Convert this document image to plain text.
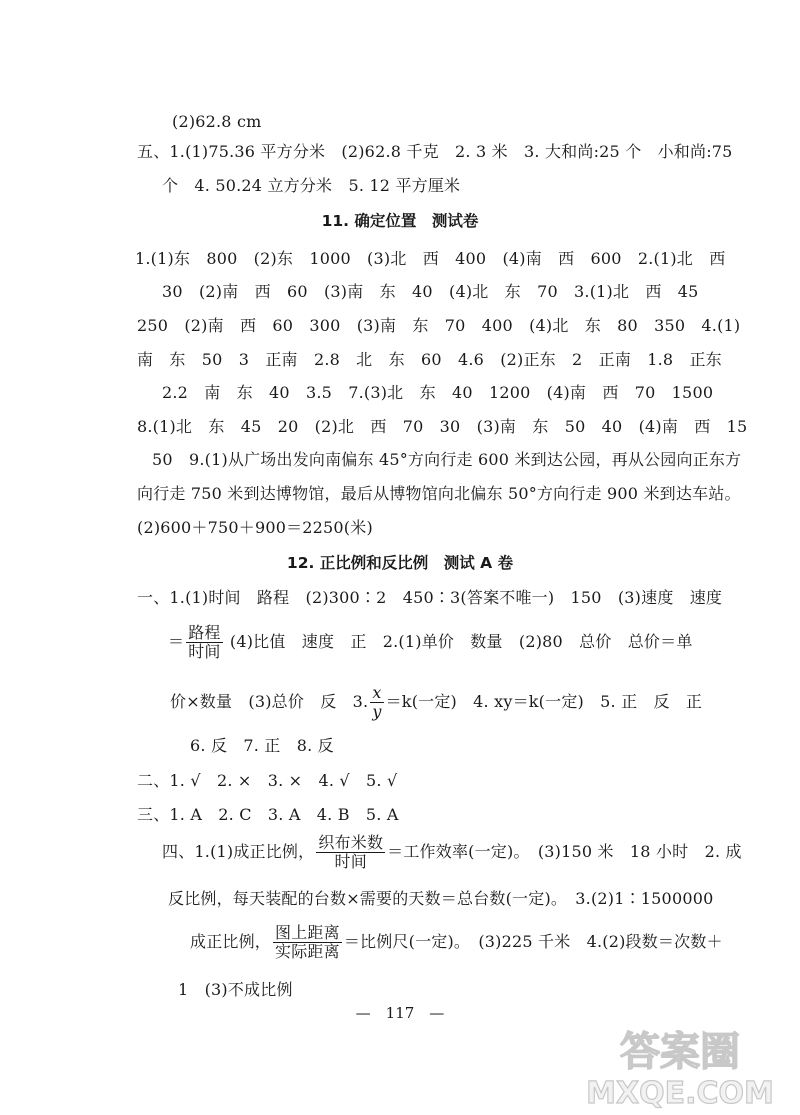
(2)62.8 cm
五、1.(1)75.36 平方分米　(2)62.8 千克　2. 3 米　3. 大和尚:25 个　小和尚:75
个　4. 50.24 立方分米　5. 12 平方厘米
11. 确定位置　测试卷
1.(1)东　800　(2)东　1000　(3)北　西　400　(4)南　西　600　2.(1)北　西
30　(2)南　西　60　(3)南　东　40　(4)北　东　70　3.(1)北　西　45
250　(2)南　西　60　300　(3)南　东　70　400　(4)北　东　80　350　4.(1)
南　东　50　3　正南　2.8　北　东　60　4.6　(2)正东　2　正南　1.8　正东
2.2　南　东　40　3.5　7.(3)北　东　40　1200　(4)南　西　70　1500
8.(1)北　东　45　20　(2)北　西　70　30　(3)南　东　50　40　(4)南　西　15
50　9.(1)从广场出发向南偏东 45°方向行走 600 米到达公园，再从公园向正东方
向行走 750 米到达博物馆，最后从博物馆向北偏东 50°方向行走 900 米到达车站。
(2)600＋750＋900＝2250(米)
12. 正比例和反比例　测试 A 卷
一、1.(1)时间　路程　(2)300∶2　450∶3(答案不唯一)　150　(3)速度　速度
＝ $\frac{\text{路程}}{\text{时间}} (4)$比值　速度　正　2.(1)单价　数量　(2)80　总价　总价＝单
价×数量　(3)总价　反　3. $\frac{x}{y} =k$(一定)　4. xy＝k(一定)　5. 正　反　正
6. 反　7. 正　8. 反
二、1. √　2. ×　3. ×　4. √　5. √
三、1. A　2. C　3. A　4. B　5. A
四、1.(1)成正比例， $\frac{\text{织布米数}}{\text{时间}}$ ＝工作效率(一定)。　(3)150 米　18 小时　2. 成
反比例，每天装配的台数×需要的天数＝总台数(一定)。　3.(2)1∶1500000
成正比例， $\frac{\text{图上距离}}{\text{实际距离}}$ ＝比例尺(一定)。　(3)225 千米　4.(2)段数＝次数＋
1　(3)不成比例
—　117　—
答案圈
MXQE.COM
